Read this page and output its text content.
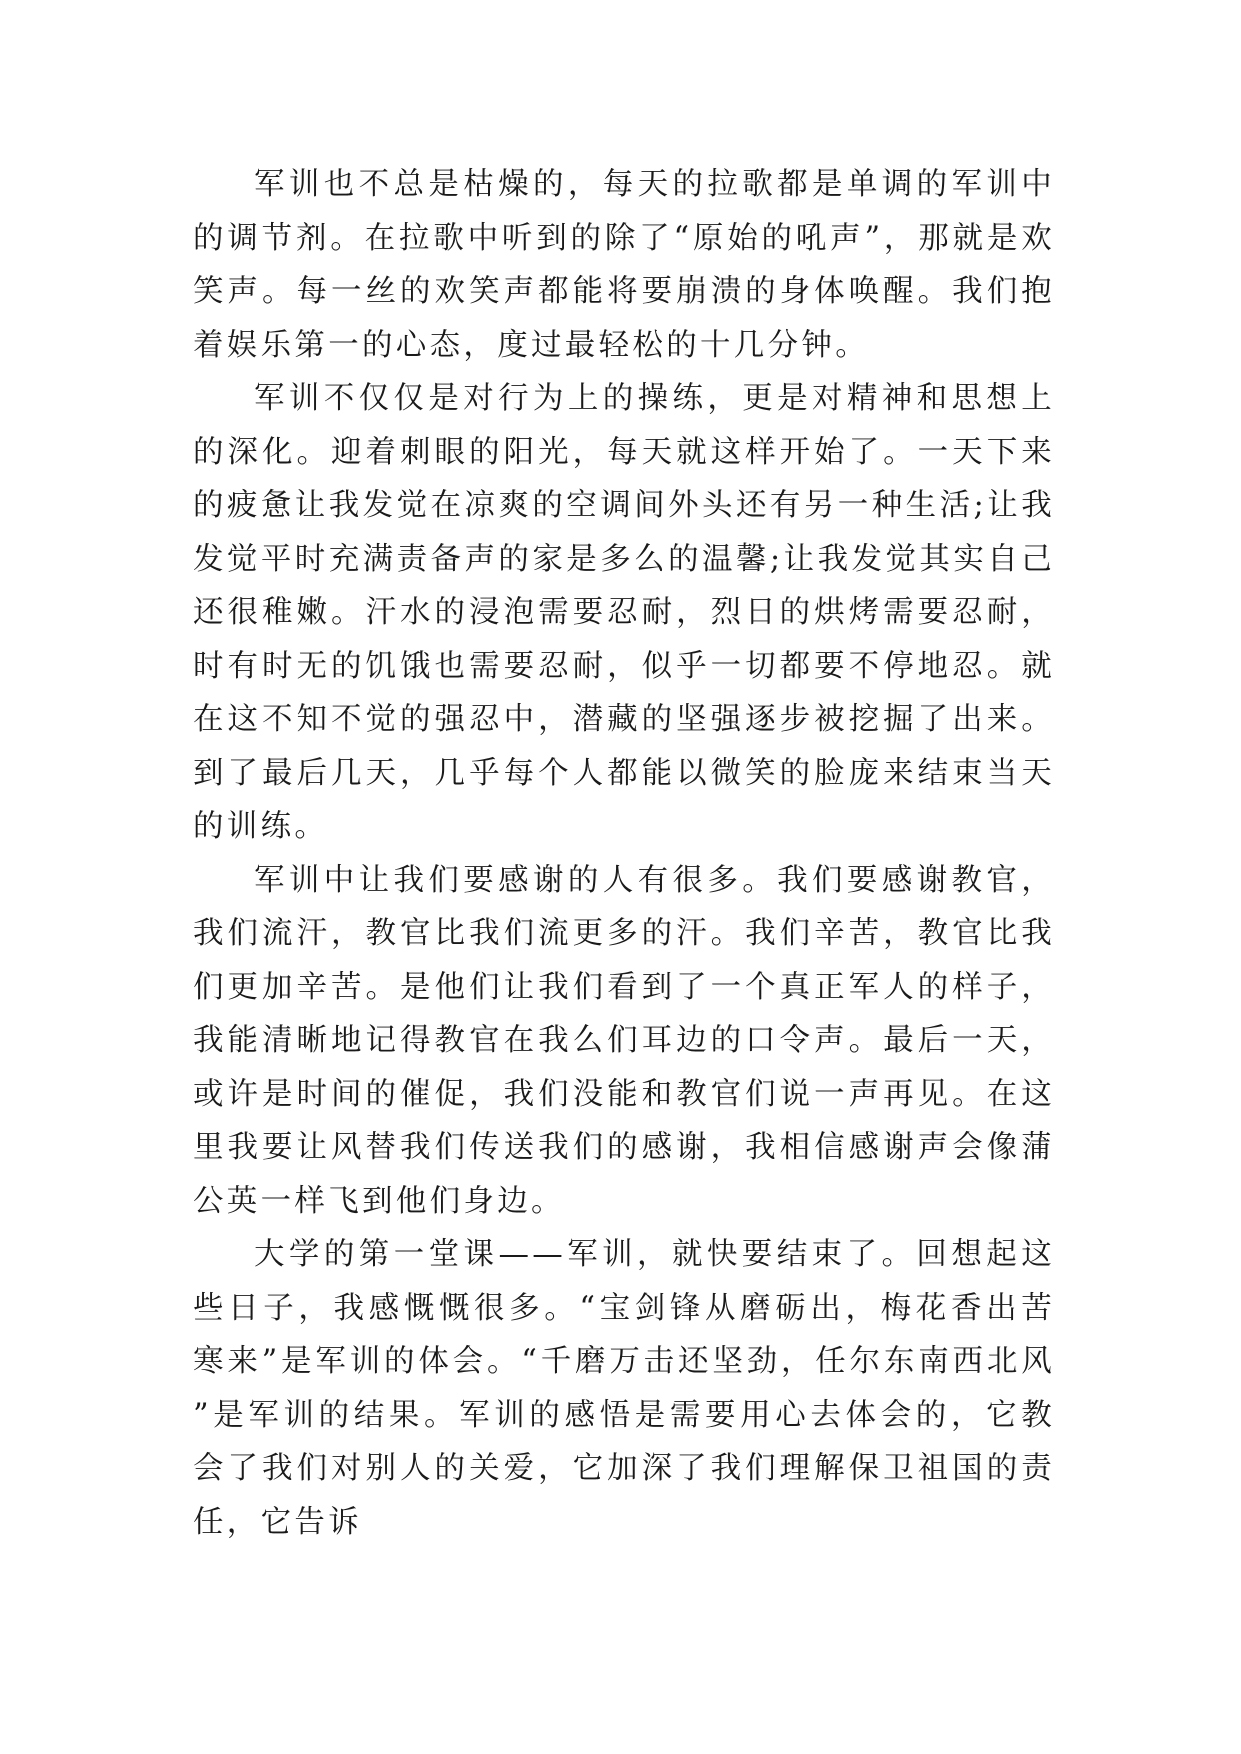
军训也不总是枯燥的，每天的拉歌都是单调的军训中的调节剂。在拉歌中听到的除了“原始的吼声”，那就是欢笑声。每一丝的欢笑声都能将要崩溃的身体唤醒。我们抱着娱乐第一的心态，度过最轻松的十几分钟。

军训不仅仅是对行为上的操练，更是对精神和思想上的深化。迎着刺眼的阳光，每天就这样开始了。一天下来的疲惫让我发觉在凉爽的空调间外头还有另一种生活;让我发觉平时充满责备声的家是多么的温馨;让我发觉其实自己还很稚嫩。汗水的浸泡需要忍耐，烈日的烘烤需要忍耐，时有时无的饥饿也需要忍耐，似乎一切都要不停地忍。就在这不知不觉的强忍中，潜藏的坚强逐步被挖掘了出来。到了最后几天，几乎每个人都能以微笑的脸庞来结束当天的训练。

军训中让我们要感谢的人有很多。我们要感谢教官，我们流汗，教官比我们流更多的汗。我们辛苦，教官比我们更加辛苦。是他们让我们看到了一个真正军人的样子，我能清晰地记得教官在我么们耳边的口令声。最后一天，或许是时间的催促，我们没能和教官们说一声再见。在这里我要让风替我们传送我们的感谢，我相信感谢声会像蒲公英一样飞到他们身边。

大学的第一堂课——军训，就快要结束了。回想起这些日子，我感慨慨很多。“宝剑锋从磨砺出，梅花香出苦寒来”是军训的体会。“千磨万击还坚劲，任尔东南西北风”是军训的结果。军训的感悟是需要用心去体会的，它教会了我们对别人的关爱，它加深了我们理解保卫祖国的责任，它告诉
